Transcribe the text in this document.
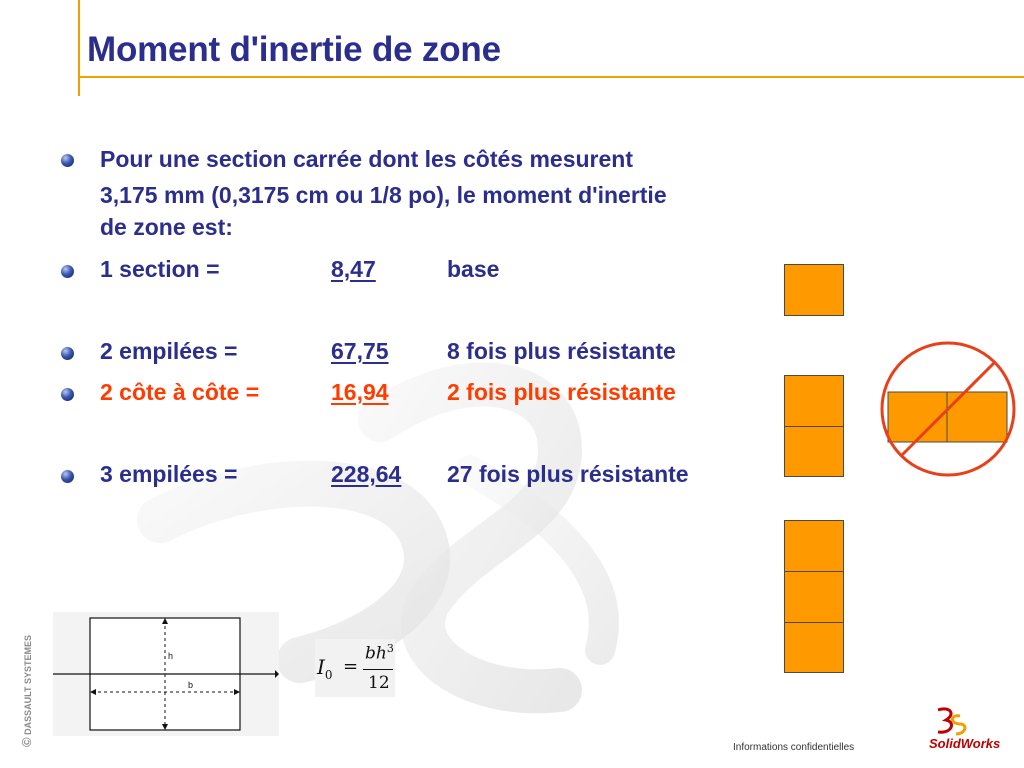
Moment d'inertie de zone
Pour une section carrée dont les côtés mesurent
3,175 mm (0,3175 cm ou 1/8 po), le moment d'inertie
de zone est:
1 section =	8,47	base
2 empilées =	67,75	8 fois plus résistante
2 côte à côte =	16,94	2 fois plus résistante
3 empilées =	228,64 27 fois plus résistante
h
b
$I_0$ =
$bh^3$
12
© DASSAULT SYSTEMES
Informations confidentielles	SolidWorks
